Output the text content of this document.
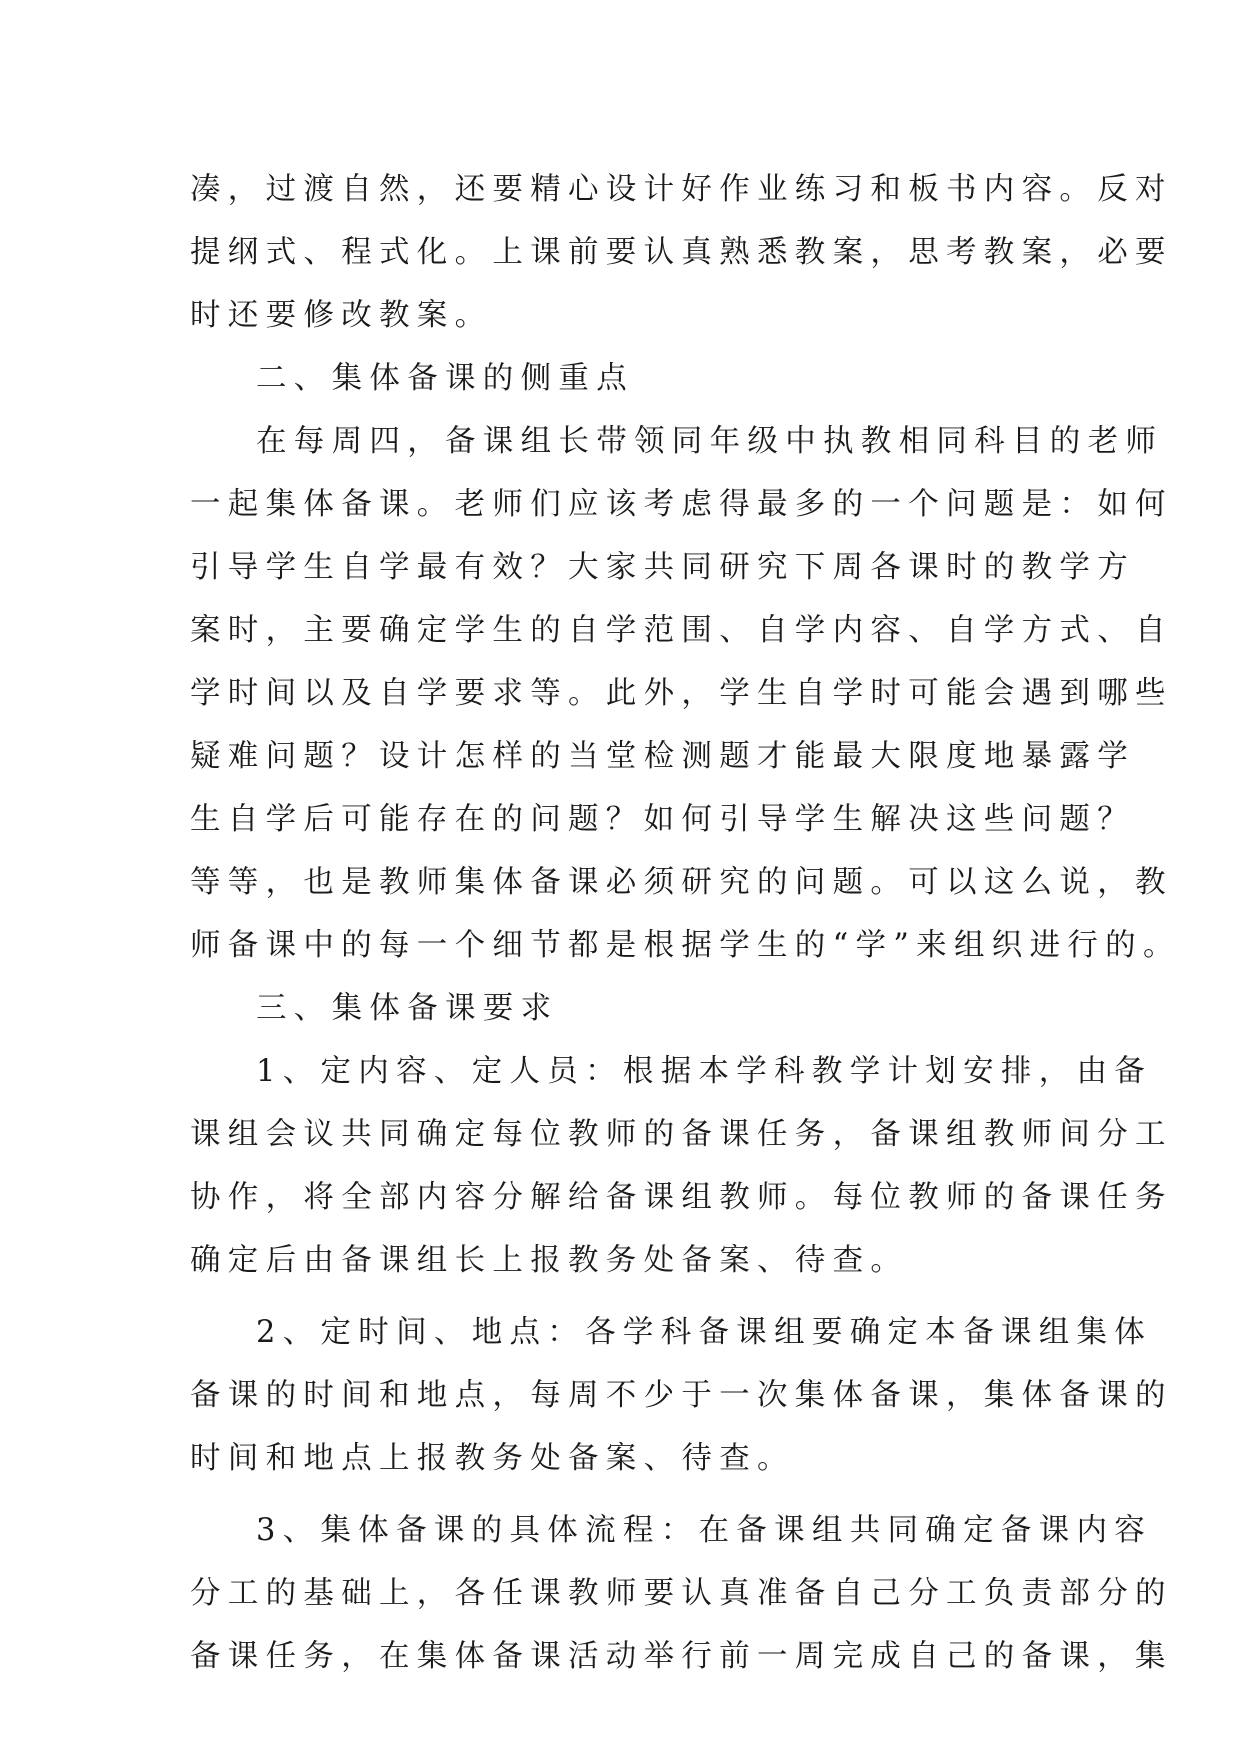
凑，过渡自然，还要精心设计好作业练习和板书内容。反对
提纲式、程式化。上课前要认真熟悉教案，思考教案，必要
时还要修改教案。
二、集体备课的侧重点
在每周四，备课组长带领同年级中执教相同科目的老师
一起集体备课。老师们应该考虑得最多的一个问题是：如何
引导学生自学最有效？大家共同研究下周各课时的教学方
案时，主要确定学生的自学范围、自学内容、自学方式、自
学时间以及自学要求等。此外，学生自学时可能会遇到哪些
疑难问题？设计怎样的当堂检测题才能最大限度地暴露学
生自学后可能存在的问题？如何引导学生解决这些问题？
等等，也是教师集体备课必须研究的问题。可以这么说，教
师备课中的每一个细节都是根据学生的“学”来组织进行的。
三、集体备课要求
1、定内容、定人员：根据本学科教学计划安排，由备
课组会议共同确定每位教师的备课任务，备课组教师间分工
协作，将全部内容分解给备课组教师。每位教师的备课任务
确定后由备课组长上报教务处备案、待查。
2、定时间、地点：各学科备课组要确定本备课组集体
备课的时间和地点，每周不少于一次集体备课，集体备课的
时间和地点上报教务处备案、待查。
3、集体备课的具体流程：在备课组共同确定备课内容
分工的基础上，各任课教师要认真准备自己分工负责部分的
备课任务，在集体备课活动举行前一周完成自己的备课，集
